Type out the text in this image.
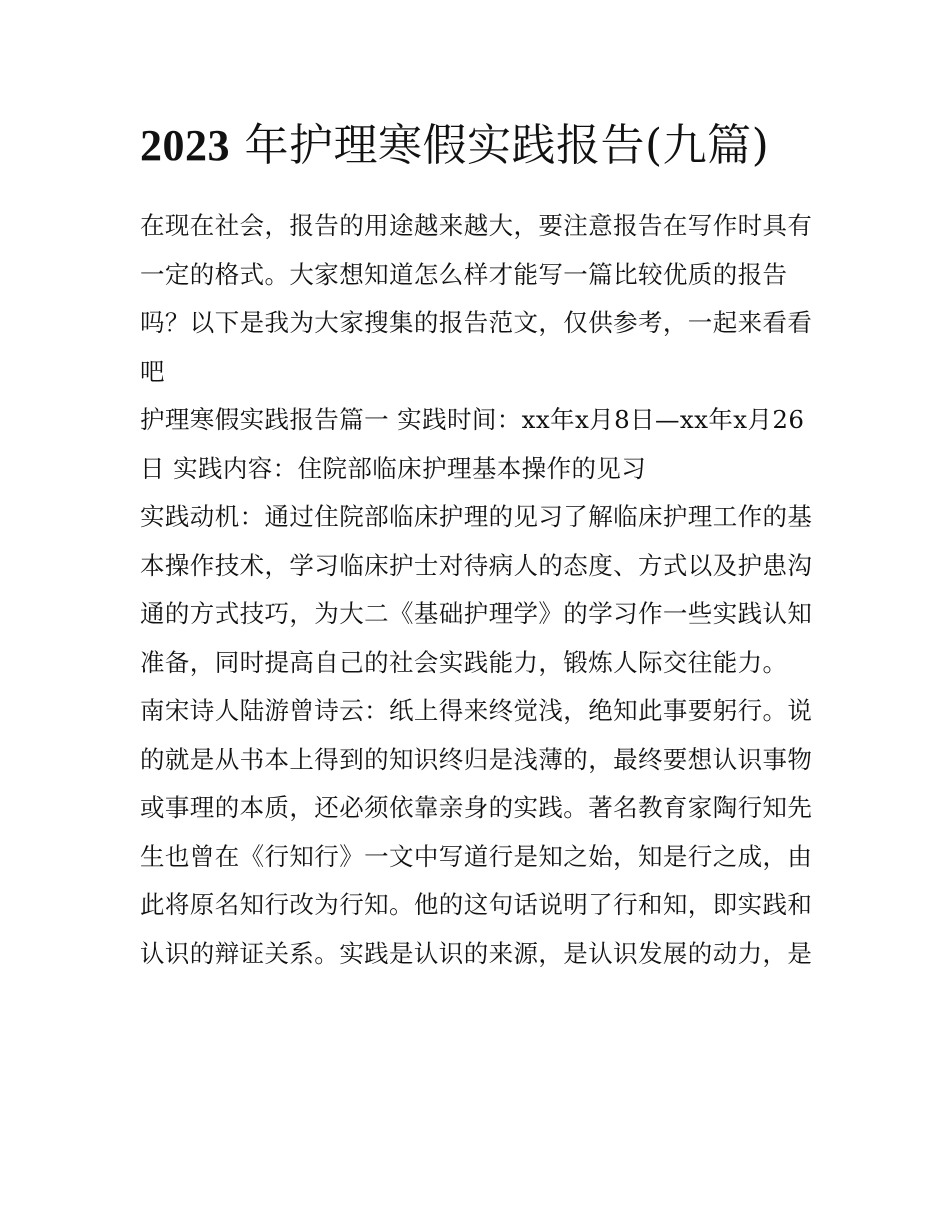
2023 年护理寒假实践报告(九篇)

在现在社会，报告的用途越来越大，要注意报告在写作时具有一定的格式。大家想知道怎么样才能写一篇比较优质的报告吗？以下是我为大家搜集的报告范文，仅供参考，一起来看看吧

护理寒假实践报告篇一 实践时间：xx年x月8日—xx年x月26日 实践内容：住院部临床护理基本操作的见习

实践动机：通过住院部临床护理的见习了解临床护理工作的基本操作技术，学习临床护士对待病人的态度、方式以及护患沟通的方式技巧，为大二《基础护理学》的学习作一些实践认知准备，同时提高自己的社会实践能力，锻炼人际交往能力。

南宋诗人陆游曾诗云：纸上得来终觉浅，绝知此事要躬行。说的就是从书本上得到的知识终归是浅薄的，最终要想认识事物或事理的本质，还必须依靠亲身的实践。著名教育家陶行知先生也曾在《行知行》一文中写道行是知之始，知是行之成，由此将原名知行改为行知。他的这句话说明了行和知，即实践和认识的辩证关系。实践是认识的来源，是认识发展的动力，是
